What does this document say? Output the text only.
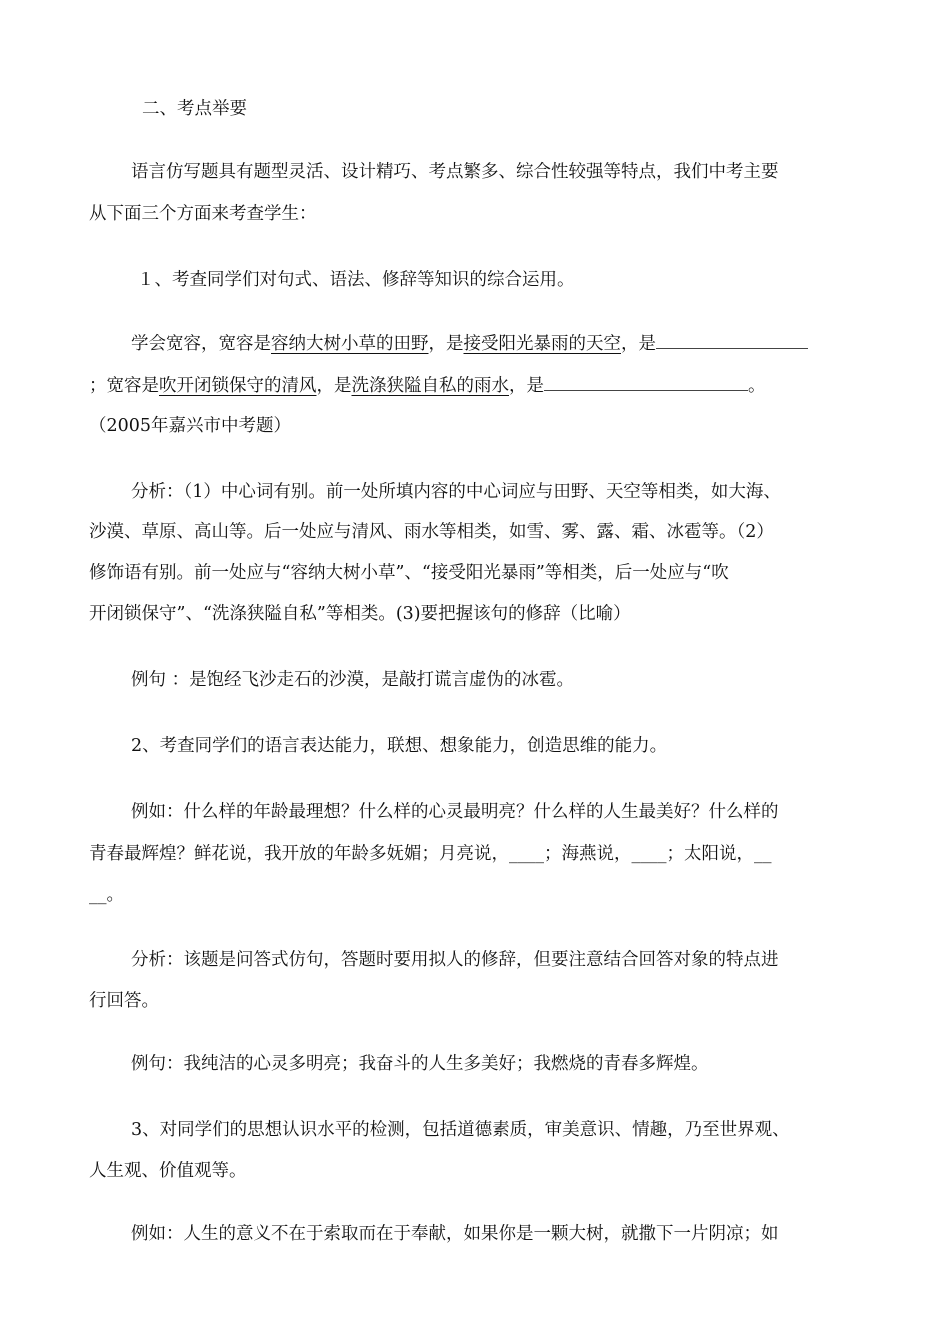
二、考点举要

语言仿写题具有题型灵活、设计精巧、考点繁多、综合性较强等特点，我们中考主要

从下面三个方面来考查学生：

１、考查同学们对句式、语法、修辞等知识的综合运用。

学会宽容，宽容是容纳大树小草的田野，是接受阳光暴雨的天空，是

；宽容是吹开闭锁保守的清风，是洗涤狭隘自私的雨水，是	。

（2005年嘉兴市中考题）

分析：（1）中心词有别。前一处所填内容的中心词应与田野、天空等相类，如大海、

沙漠、草原、高山等。后一处应与清风、雨水等相类，如雪、雾、露、霜、冰雹等。（2）

修饰语有别。前一处应与“容纳大树小草”、“接受阳光暴雨”等相类，后一处应与“吹

开闭锁保守”、“洗涤狭隘自私”等相类。(3)要把握该句的修辞（比喻）

例句 ：是饱经飞沙走石的沙漠，是敲打谎言虚伪的冰雹。

2、考查同学们的语言表达能力，联想、想象能力，创造思维的能力。

例如：什么样的年龄最理想？什么样的心灵最明亮？什么样的人生最美好？什么样的

青春最辉煌？鲜花说，我开放的年龄多妩媚；月亮说，____；海燕说，____；太阳说，__

__。

分析：该题是问答式仿句，答题时要用拟人的修辞，但要注意结合回答对象的特点进

行回答。

例句：我纯洁的心灵多明亮；我奋斗的人生多美好；我燃烧的青春多辉煌。

3、对同学们的思想认识水平的检测，包括道德素质，审美意识、情趣，乃至世界观、

人生观、价值观等。

例如：人生的意义不在于索取而在于奉献，如果你是一颗大树，就撒下一片阴凉；如
